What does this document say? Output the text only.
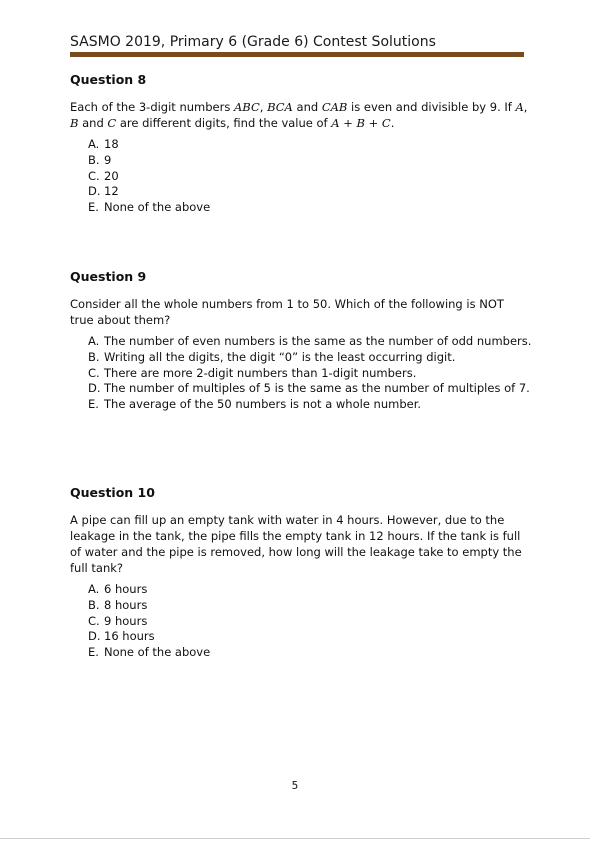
SASMO 2019, Primary 6 (Grade 6) Contest Solutions
Question 8
Each of the 3-digit numbers ABC, BCA and CAB is even and divisible by 9. If A, B and C are different digits, find the value of A + B + C.
A. 18
B. 9
C. 20
D. 12
E. None of the above
Question 9
Consider all the whole numbers from 1 to 50. Which of the following is NOT true about them?
A. The number of even numbers is the same as the number of odd numbers.
B. Writing all the digits, the digit “0” is the least occurring digit.
C. There are more 2-digit numbers than 1-digit numbers.
D. The number of multiples of 5 is the same as the number of multiples of 7.
E. The average of the 50 numbers is not a whole number.
Question 10
A pipe can fill up an empty tank with water in 4 hours. However, due to the leakage in the tank, the pipe fills the empty tank in 12 hours. If the tank is full of water and the pipe is removed, how long will the leakage take to empty the full tank?
A. 6 hours
B. 8 hours
C. 9 hours
D. 16 hours
E. None of the above
5
